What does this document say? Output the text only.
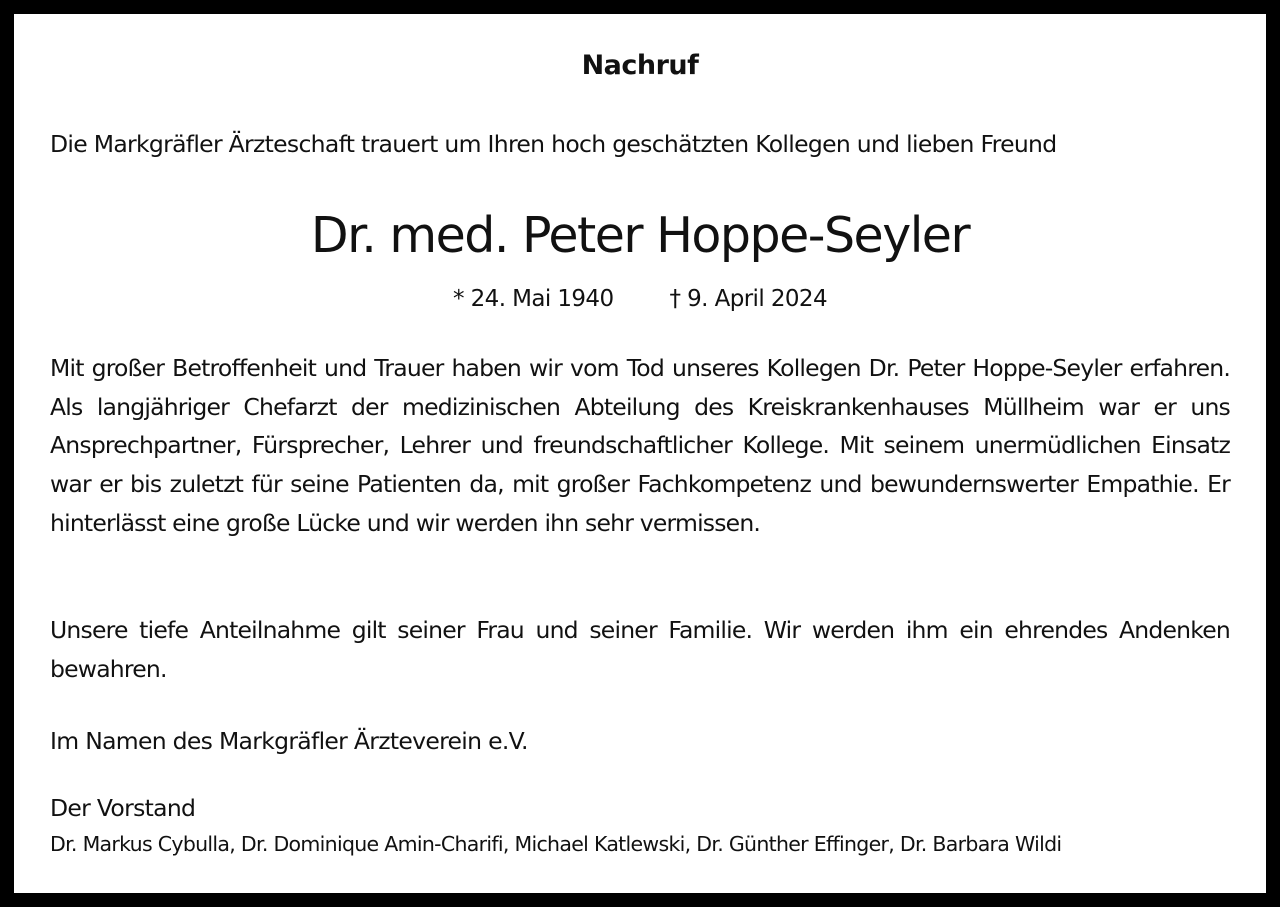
Nachruf
Die Markgräfler Ärzteschaft trauert um Ihren hoch geschätzten Kollegen und lieben Freund
Dr. med. Peter Hoppe-Seyler
* 24. Mai 1940 † 9. April 2024
Mit großer Betroffenheit und Trauer haben wir vom Tod unseres Kollegen Dr. Peter Hoppe-Seyler erfahren. Als langjähriger Chefarzt der medizinischen Abteilung des Kreiskrankenhauses Müllheim war er uns Ansprechpartner, Fürsprecher, Lehrer und freundschaftlicher Kollege. Mit seinem unermüdlichen Einsatz war er bis zuletzt für seine Patienten da, mit großer Fachkompetenz und bewundernswerter Empathie. Er hinterlässt eine große Lücke und wir werden ihn sehr vermissen.
Unsere tiefe Anteilnahme gilt seiner Frau und seiner Familie. Wir werden ihm ein ehrendes Andenken bewahren.
Im Namen des Markgräfler Ärzteverein e.V.
Der Vorstand
Dr. Markus Cybulla, Dr. Dominique Amin-Charifi, Michael Katlewski, Dr. Günther Effinger, Dr. Barbara Wildi
